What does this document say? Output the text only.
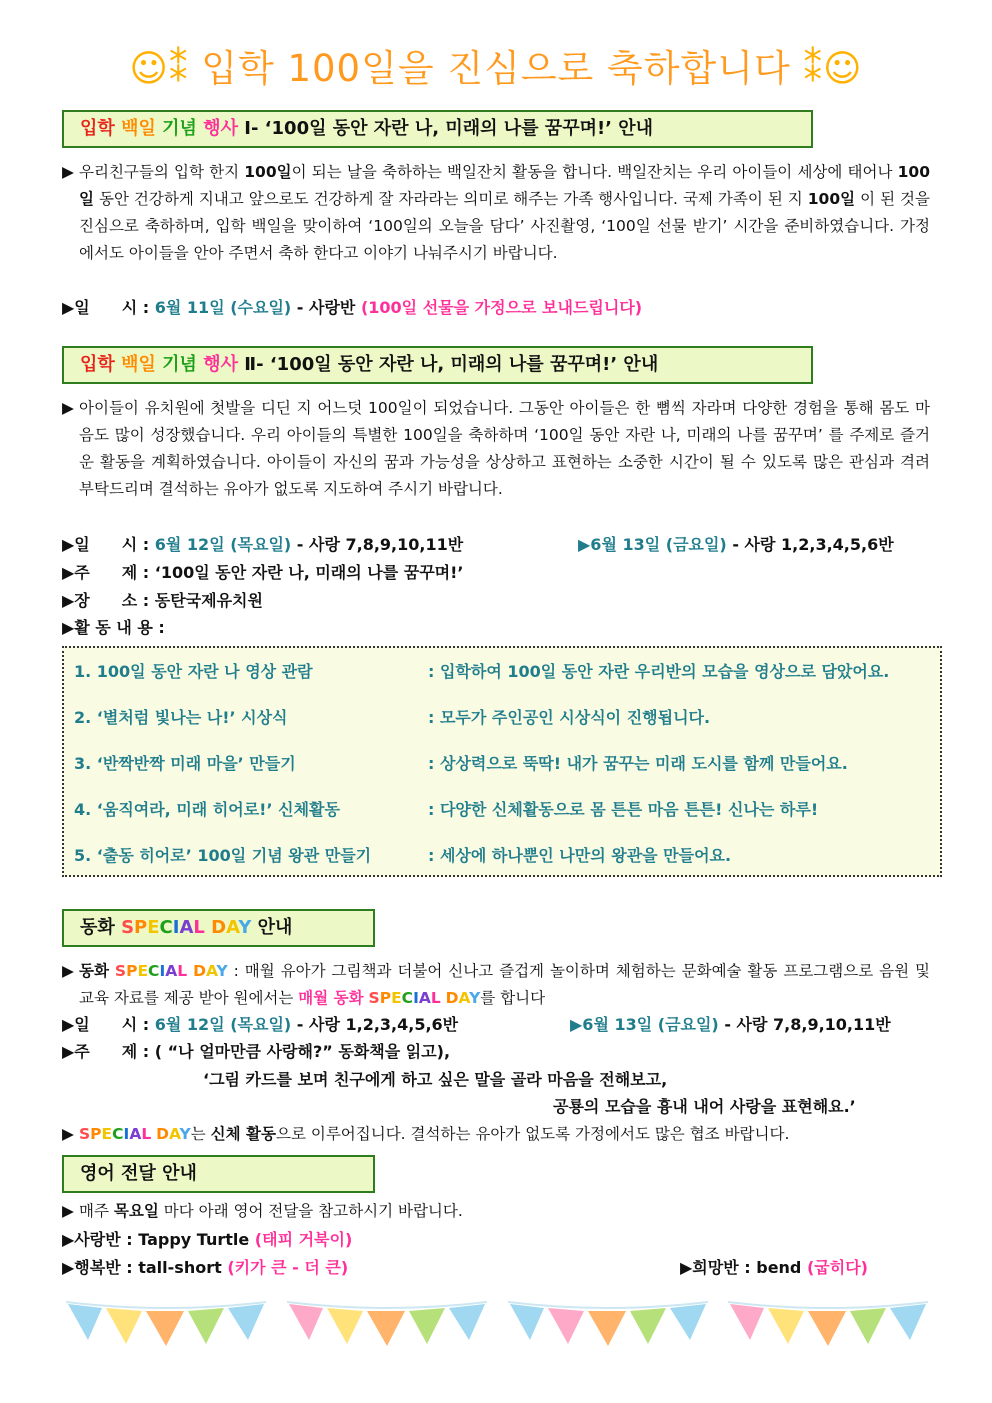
☺⁑ 입학 100일을 진심으로 축하합니다 ⁑☺
입학 백일 기념 행사 Ⅰ- ‘100일 동안 자란 나, 미래의 나를 꿈꾸며!’ 안내
▶ 우리친구들의 입학 한지 100일이 되는 날을 축하하는 백일잔치 활동을 합니다. 백일잔치는 우리 아이들이 세상에 태어나 100일 동안 건강하게 지내고 앞으로도 건강하게 잘 자라라는 의미로 해주는 가족 행사입니다. 국제 가족이 된 지 100일 이 된 것을 진심으로 축하하며, 입학 백일을 맞이하여 ‘100일의 오늘을 담다’ 사진촬영, ‘100일 선물 받기’ 시간을 준비하였습니다. 가정에서도 아이들을 안아 주면서 축하 한다고 이야기 나눠주시기 바랍니다.
▶일　　시 : 6월 11일 (수요일) - 사랑반 (100일 선물을 가정으로 보내드립니다)
입학 백일 기념 행사 Ⅱ- ‘100일 동안 자란 나, 미래의 나를 꿈꾸며!’ 안내
▶ 아이들이 유치원에 첫발을 디딘 지 어느덧 100일이 되었습니다. 그동안 아이들은 한 뼘씩 자라며 다양한 경험을 통해 몸도 마음도 많이 성장했습니다. 우리 아이들의 특별한 100일을 축하하며 ‘100일 동안 자란 나, 미래의 나를 꿈꾸며’ 를 주제로 즐거운 활동을 계획하였습니다. 아이들이 자신의 꿈과 가능성을 상상하고 표현하는 소중한 시간이 될 수 있도록 많은 관심과 격려 부탁드리며 결석하는 유아가 없도록 지도하여 주시기 바랍니다.
▶일　　시 : 6월 12일 (목요일) - 사랑 7,8,9,10,11반	▶6월 13일 (금요일) - 사랑 1,2,3,4,5,6반
▶주　　제 : ‘100일 동안 자란 나, 미래의 나를 꿈꾸며!’
▶장　　소 : 동탄국제유치원
▶활 동 내 용 :
1. 100일 동안 자란 나 영상 관람	: 입학하여 100일 동안 자란 우리반의 모습을 영상으로 담았어요.
2. ‘별처럼 빛나는 나!’ 시상식	: 모두가 주인공인 시상식이 진행됩니다.
3. ‘반짝반짝 미래 마을’ 만들기	: 상상력으로 뚝딱! 내가 꿈꾸는 미래 도시를 함께 만들어요.
4. ‘움직여라, 미래 히어로!’ 신체활동	: 다양한 신체활동으로 몸 튼튼 마음 튼튼! 신나는 하루!
5. ‘출동 히어로’ 100일 기념 왕관 만들기	: 세상에 하나뿐인 나만의 왕관을 만들어요.
동화 SPECIAL DAY 안내
▶ 동화 SPECIAL DAY : 매월 유아가 그림책과 더불어 신나고 즐겁게 놀이하며 체험하는 문화예술 활동 프로그램으로 음원 및 교육 자료를 제공 받아 원에서는 매월 동화 SPECIAL DAY를 합니다
▶일　　시 : 6월 12일 (목요일) - 사랑 1,2,3,4,5,6반	▶6월 13일 (금요일) - 사랑 7,8,9,10,11반
▶주　　제 : ( “나 얼마만큼 사랑해?” 동화책을 읽고),
‘그림 카드를 보며 친구에게 하고 싶은 말을 골라 마음을 전해보고,
공룡의 모습을 흉내 내어 사랑을 표현해요.’
▶ SPECIAL DAY는 신체 활동으로 이루어집니다. 결석하는 유아가 없도록 가정에서도 많은 협조 바랍니다.
영어 전달 안내
▶ 매주 목요일 마다 아래 영어 전달을 참고하시기 바랍니다.
▶사랑반 : Tappy Turtle (태피 거북이)
▶행복반 : tall-short (키가 큰 - 더 큰)	▶희망반 : bend (굽히다)
